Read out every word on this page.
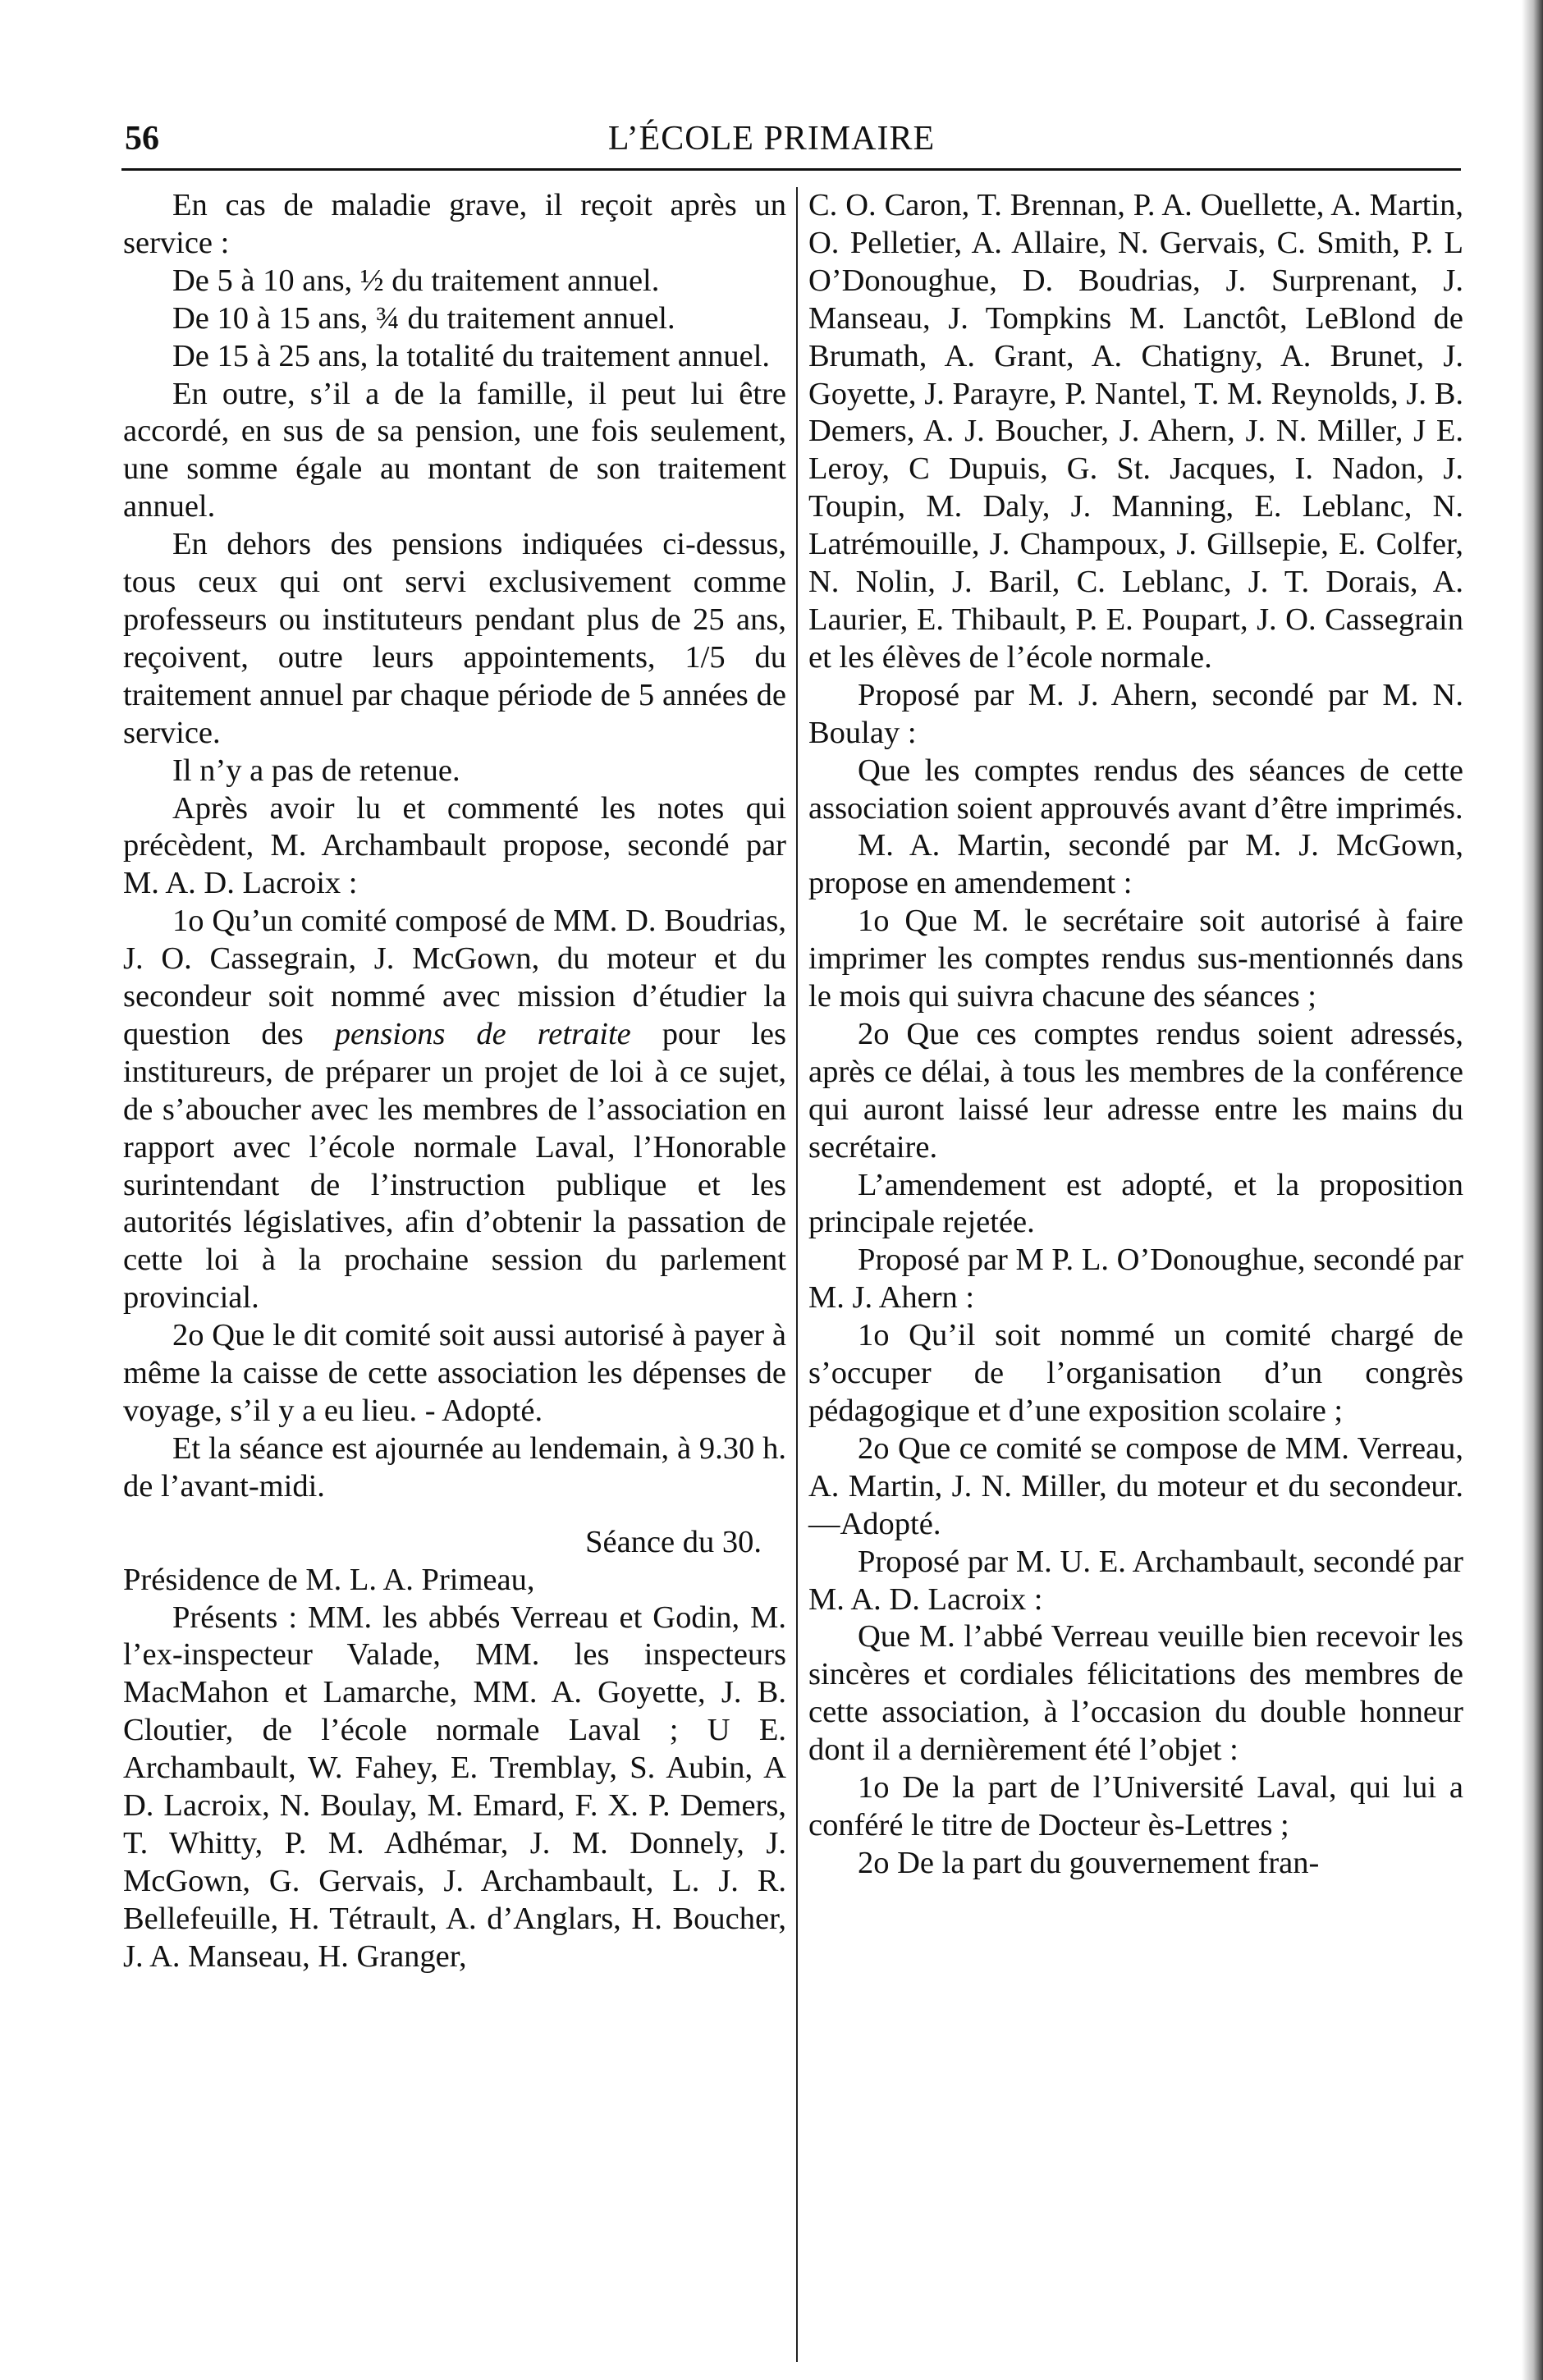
56	L’ÉCOLE PRIMAIRE

En cas de maladie grave, il reçoit après un service :

De 5 à 10 ans, ½ du traitement annuel.

De 10 à 15 ans, ¾ du traitement annuel.

De 15 à 25 ans, la totalité du traitement annuel.

En outre, s’il a de la famille, il peut lui être accordé, en sus de sa pension, une fois seulement, une somme égale au montant de son traitement annuel.

En dehors des pensions indiquées ci-dessus, tous ceux qui ont servi exclusivement comme professeurs ou instituteurs pendant plus de 25 ans, reçoivent, outre leurs appointements, 1/5 du traitement annuel par chaque période de 5 années de service.

Il n’y a pas de retenue.

Après avoir lu et commenté les notes qui précèdent, M. Archambault propose, secondé par M. A. D. Lacroix :

1o Qu’un comité composé de MM. D. Boudrias, J. O. Cassegrain, J. McGown, du moteur et du secondeur soit nommé avec mission d’étudier la question des pensions de retraite pour les institureurs, de préparer un projet de loi à ce sujet, de s’aboucher avec les membres de l’association en rapport avec l’école normale Laval, l’Honorable surintendant de l’instruction publique et les autorités législatives, afin d’obtenir la passation de cette loi à la prochaine session du parlement provincial.

2o Que le dit comité soit aussi autorisé à payer à même la caisse de cette association les dépenses de voyage, s’il y a eu lieu. - Adopté.

Et la séance est ajournée au lendemain, à 9.30 h. de l’avant-midi.

Séance du 30.

Présidence de M. L. A. Primeau,

Présents : MM. les abbés Verreau et Godin, M. l’ex-inspecteur Valade, MM. les inspecteurs MacMahon et Lamarche, MM. A. Goyette, J. B. Cloutier, de l’école normale Laval ; U E. Archambault, W. Fahey, E. Tremblay, S. Aubin, A D. Lacroix, N. Boulay, M. Emard, F. X. P. Demers, T. Whitty, P. M. Adhémar, J. M. Donnely, J. McGown, G. Gervais, J. Archambault, L. J. R. Bellefeuille, H. Tétrault, A. d’Anglars, H. Boucher, J. A. Manseau, H. Granger,

C. O. Caron, T. Brennan, P. A. Ouellette, A. Martin, O. Pelletier, A. Allaire, N. Gervais, C. Smith, P. L O’Donoughue, D. Boudrias, J. Surprenant, J. Manseau, J. Tompkins M. Lanctôt, LeBlond de Brumath, A. Grant, A. Chatigny, A. Brunet, J. Goyette, J. Parayre, P. Nantel, T. M. Reynolds, J. B. Demers, A. J. Boucher, J. Ahern, J. N. Miller, J E. Leroy, C Dupuis, G. St. Jacques, I. Nadon, J. Toupin, M. Daly, J. Manning, E. Leblanc, N. Latrémouille, J. Champoux, J. Gillsepie, E. Colfer, N. Nolin, J. Baril, C. Leblanc, J. T. Dorais, A. Laurier, E. Thibault, P. E. Poupart, J. O. Cassegrain et les élèves de l’école normale.

Proposé par M. J. Ahern, secondé par M. N. Boulay :

Que les comptes rendus des séances de cette association soient approuvés avant d’être imprimés.

M. A. Martin, secondé par M. J. McGown, propose en amendement :

1o Que M. le secrétaire soit autorisé à faire imprimer les comptes rendus sus-mentionnés dans le mois qui suivra chacune des séances ;

2o Que ces comptes rendus soient adressés, après ce délai, à tous les membres de la conférence qui auront laissé leur adresse entre les mains du secrétaire.

L’amendement est adopté, et la proposition principale rejetée.

Proposé par M P. L. O’Donoughue, secondé par M. J. Ahern :

1o Qu’il soit nommé un comité chargé de s’occuper de l’organisation d’un congrès pédagogique et d’une exposition scolaire ;

2o Que ce comité se compose de MM. Verreau, A. Martin, J. N. Miller, du moteur et du secondeur.—Adopté.

Proposé par M. U. E. Archambault, secondé par M. A. D. Lacroix :

Que M. l’abbé Verreau veuille bien recevoir les sincères et cordiales félicitations des membres de cette association, à l’occasion du double honneur dont il a dernièrement été l’objet :

1o De la part de l’Université Laval, qui lui a conféré le titre de Docteur ès-Lettres ;

2o De la part du gouvernement fran-
